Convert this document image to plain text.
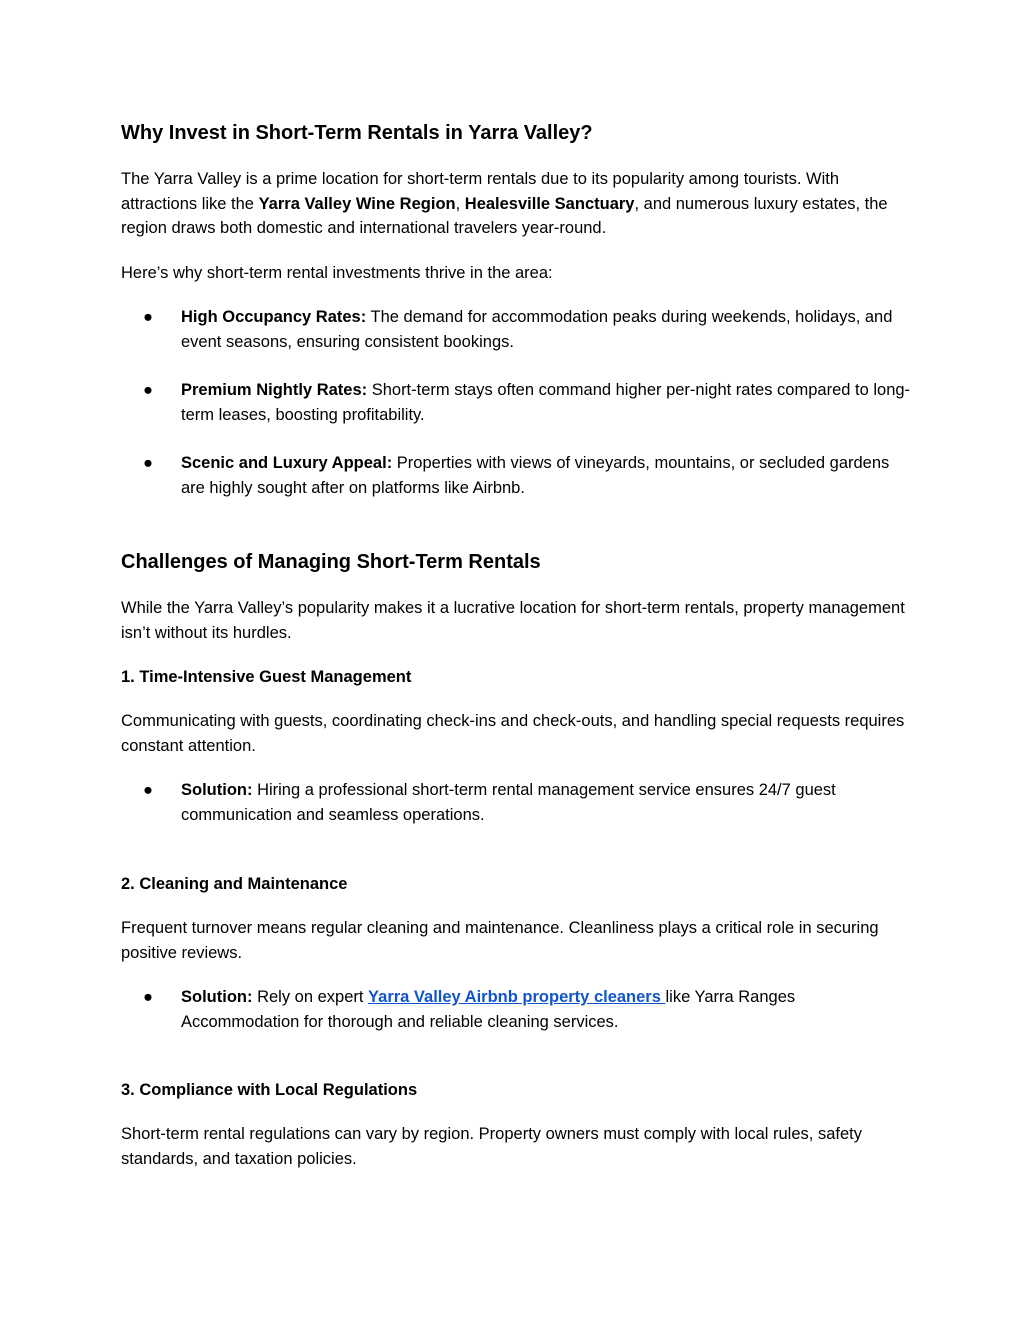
Why Invest in Short-Term Rentals in Yarra Valley?

The Yarra Valley is a prime location for short-term rentals due to its popularity among tourists. With attractions like the Yarra Valley Wine Region, Healesville Sanctuary, and numerous luxury estates, the region draws both domestic and international travelers year-round.

Here’s why short-term rental investments thrive in the area:

● High Occupancy Rates: The demand for accommodation peaks during weekends, holidays, and event seasons, ensuring consistent bookings.
● Premium Nightly Rates: Short-term stays often command higher per-night rates compared to long-term leases, boosting profitability.
● Scenic and Luxury Appeal: Properties with views of vineyards, mountains, or secluded gardens are highly sought after on platforms like Airbnb.
Challenges of Managing Short-Term Rentals

While the Yarra Valley’s popularity makes it a lucrative location for short-term rentals, property management isn’t without its hurdles.

1. Time-Intensive Guest Management

Communicating with guests, coordinating check-ins and check-outs, and handling special requests requires constant attention.

● Solution: Hiring a professional short-term rental management service ensures 24/7 guest communication and seamless operations.
2. Cleaning and Maintenance

Frequent turnover means regular cleaning and maintenance. Cleanliness plays a critical role in securing positive reviews.

● Solution: Rely on expert Yarra Valley Airbnb property cleaners like Yarra Ranges Accommodation for thorough and reliable cleaning services.
3. Compliance with Local Regulations

Short-term rental regulations can vary by region. Property owners must comply with local rules, safety standards, and taxation policies.
